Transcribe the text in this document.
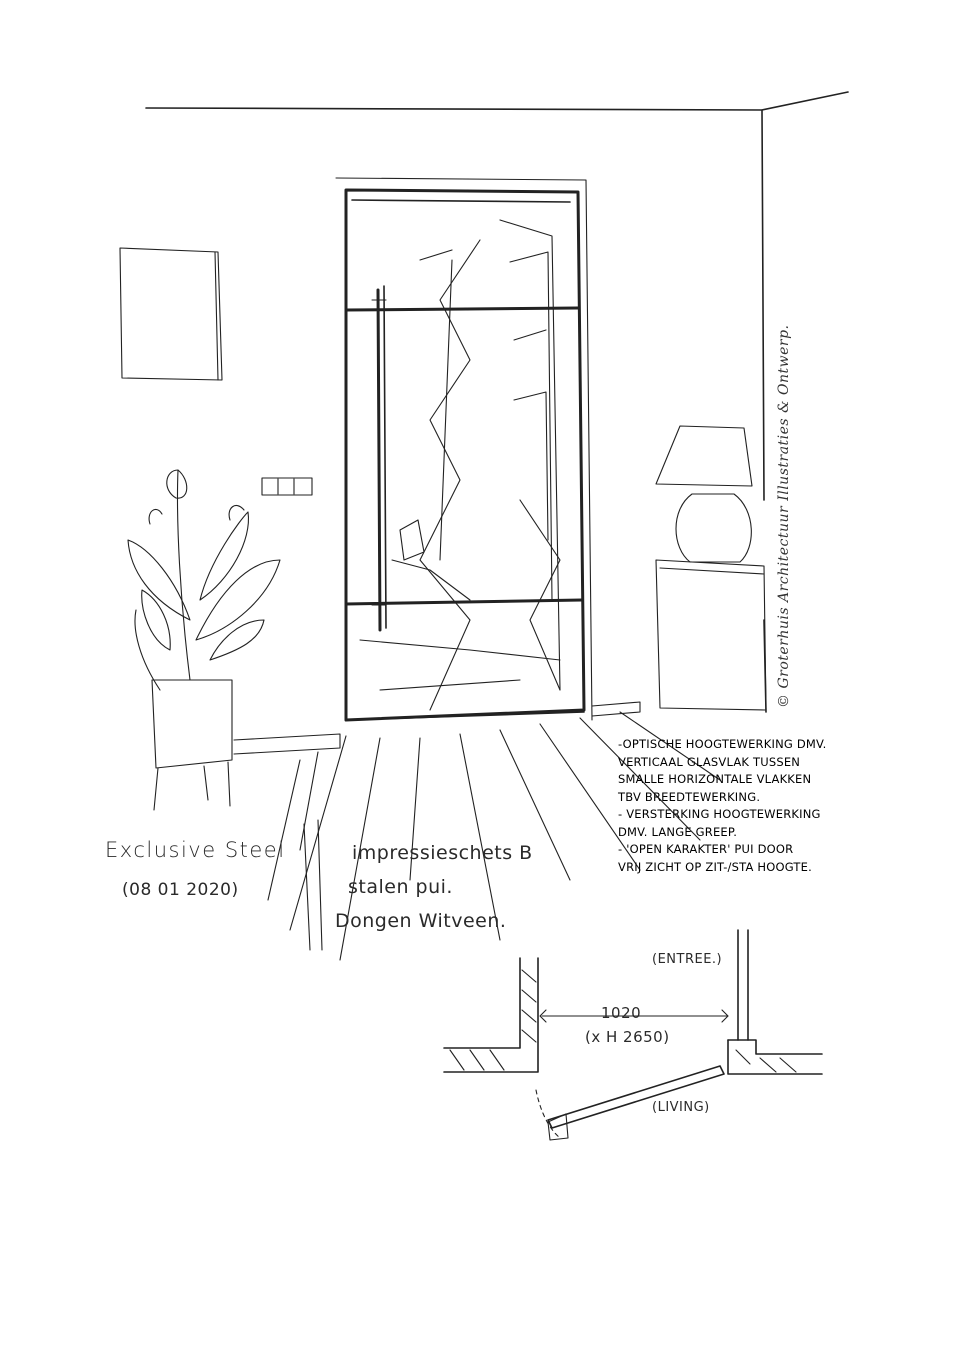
Exclusive Steel

(08 01 2020)

impressieschets B

stalen pui.

Dongen Witveen.

-OPTISCHE HOOGTEWERKING DMV.
VERTICAAL GLASVLAK TUSSEN
SMALLE HORIZONTALE VLAKKEN
TBV BREEDTEWERKING.
- VERSTERKING HOOGTEWERKING
DMV. LANGE GREEP.
- 'OPEN KARAKTER' PUI DOOR
VRIJ ZICHT OP ZIT-/STA HOOGTE.

(ENTREE.)

1020

(x H 2650)

(LIVING)

© Groterhuis Architectuur Illustraties & Ontwerp.
